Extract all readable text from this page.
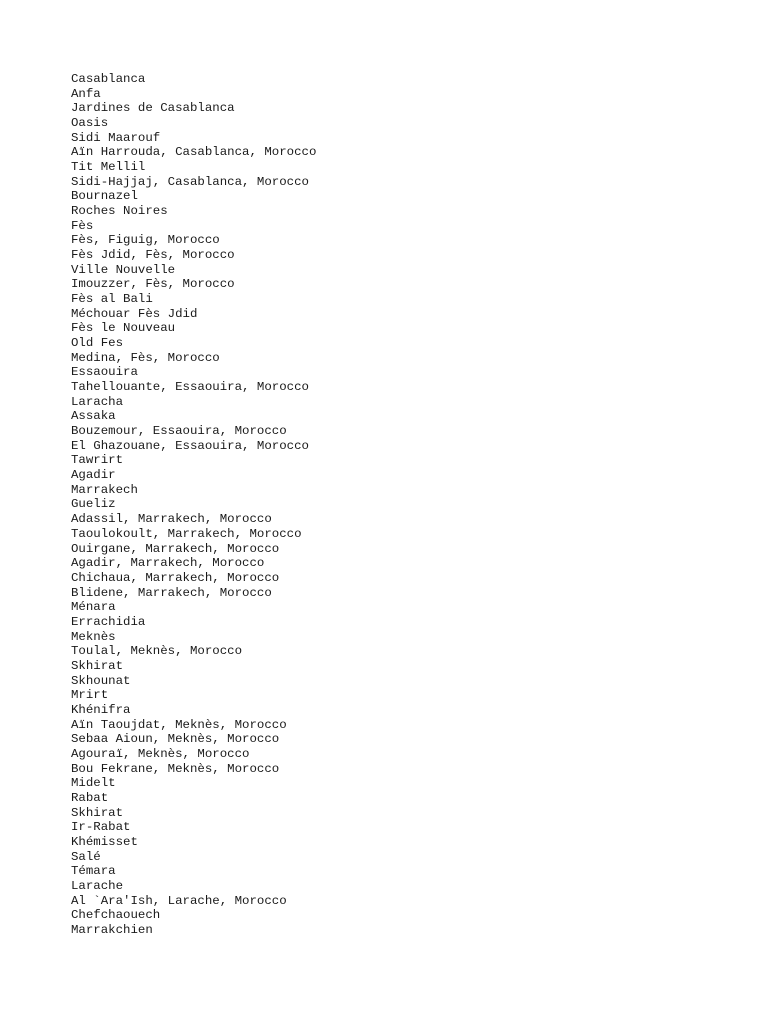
Casablanca
Anfa
Jardines de Casablanca
Oasis
Sidi Maarouf
Aïn Harrouda, Casablanca, Morocco
Tit Mellil
Sidi-Hajjaj, Casablanca, Morocco
Bournazel
Roches Noires
Fès
Fès, Figuig, Morocco
Fès Jdid, Fès, Morocco
Ville Nouvelle
Imouzzer, Fès, Morocco
Fès al Bali
Méchouar Fès Jdid
Fès le Nouveau
Old Fes
Medina, Fès, Morocco
Essaouira
Tahellouante, Essaouira, Morocco
Laracha
Assaka
Bouzemour, Essaouira, Morocco
El Ghazouane, Essaouira, Morocco
Tawrirt
Agadir
Marrakech
Gueliz
Adassil, Marrakech, Morocco
Taoulokoult, Marrakech, Morocco
Ouirgane, Marrakech, Morocco
Agadir, Marrakech, Morocco
Chichaua, Marrakech, Morocco
Blidene, Marrakech, Morocco
Ménara
Errachidia
Meknès
Toulal, Meknès, Morocco
Skhirat
Skhounat
Mrirt
Khénifra
Aïn Taoujdat, Meknès, Morocco
Sebaa Aioun, Meknès, Morocco
Agouraï, Meknès, Morocco
Bou Fekrane, Meknès, Morocco
Midelt
Rabat
Skhirat
Ir-Rabat
Khémisset
Salé
Témara
Larache
Al `Ara'Ish, Larache, Morocco
Chefchaouech
Marrakchien
